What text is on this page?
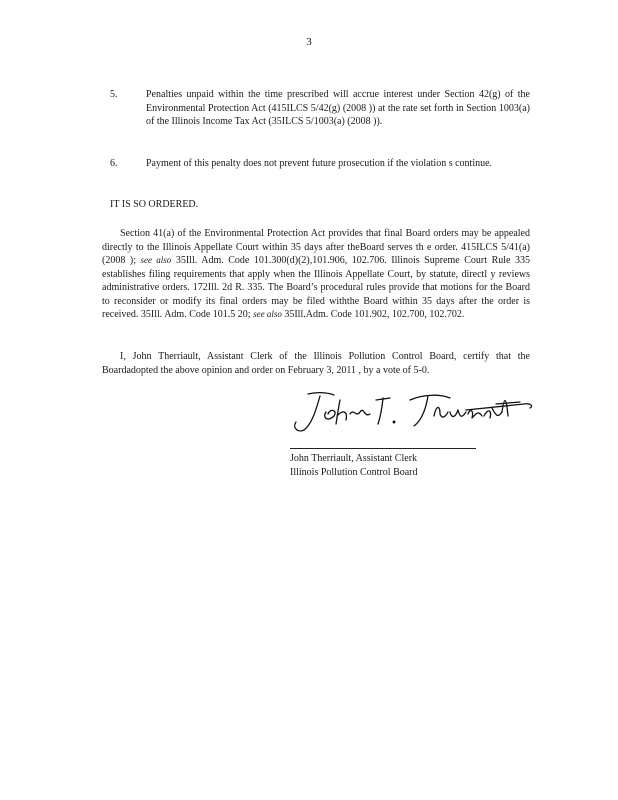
3
5.	Penalties unpaid within the time prescribed will accrue interest under Section 42(g) of the Environmental Protection Act (415ILCS 5/42(g) (2008 )) at the rate set forth in Section 1003(a) of the Illinois Income Tax Act (35ILCS 5/1003(a) (2008 )).
6.	Payment of this penalty does not prevent future prosecution if the violation s continue.
IT IS SO ORDERED.

Section 41(a) of the Environmental Protection Act provides that final Board orders may be appealed directly to the Illinois Appellate Court within 35 days after theBoard serves th e order. 415ILCS 5/41(a) (2008 ); see also 35Ill. Adm. Code 101.300(d)(2),101.906, 102.706. Illinois Supreme Court Rule 335 establishes filing requirements that apply when the Illinois Appellate Court, by statute, directl y reviews administrative orders. 172Ill. 2d R. 335. The Board’s procedural rules provide that motions for the Board to reconsider or modify its final orders may be filed withthe Board within 35 days after the order is received. 35Ill. Adm. Code 101.5 20; see also 35Ill.Adm. Code 101.902, 102.700, 102.702.

I, John Therriault, Assistant Clerk of the Illinois Pollution Control Board, certify that the Boardadopted the above opinion and order on February 3, 2011 , by a vote of 5-0.

John Therriault, Assistant Clerk
Illinois Pollution Control Board
